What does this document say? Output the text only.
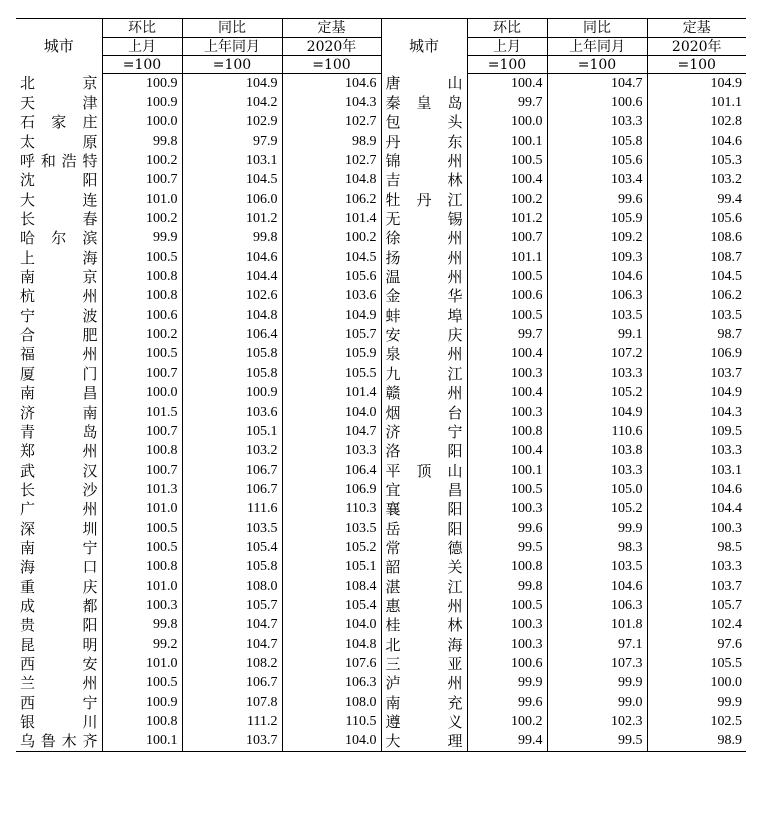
城市	环比	同比	定基	城市	环比	同比	定基
	上月	上年同月	2020年		上月	上年同月	2020年
	=100	=100	=100		=100	=100	=100

北 京	100.9	104.9	104.6	唐 山	100.4	104.7	104.9

天 津	100.9	104.2	104.3	秦 皇 岛	99.7	100.6	101.1

石 家 庄	100.0	102.9	102.7	包 头	100.0	103.3	102.8

太 原	99.8	97.9	98.9	丹 东	100.1	105.8	104.6

呼 和 浩 特	100.2	103.1	102.7	锦 州	100.5	105.6	105.3

沈 阳	100.7	104.5	104.8	吉 林	100.4	103.4	103.2

大 连	101.0	106.0	106.2	牡 丹 江	100.2	99.6	99.4

长 春	100.2	101.2	101.4	无 锡	101.2	105.9	105.6

哈 尔 滨	99.9	99.8	100.2	徐 州	100.7	109.2	108.6

上 海	100.5	104.6	104.5	扬 州	101.1	109.3	108.7

南 京	100.8	104.4	105.6	温 州	100.5	104.6	104.5

杭 州	100.8	102.6	103.6	金 华	100.6	106.3	106.2

宁 波	100.6	104.8	104.9	蚌 埠	100.5	103.5	103.5

合 肥	100.2	106.4	105.7	安 庆	99.7	99.1	98.7

福 州	100.5	105.8	105.9	泉 州	100.4	107.2	106.9

厦 门	100.7	105.8	105.5	九 江	100.3	103.3	103.7

南 昌	100.0	100.9	101.4	赣 州	100.4	105.2	104.9

济 南	101.5	103.6	104.0	烟 台	100.3	104.9	104.3

青 岛	100.7	105.1	104.7	济 宁	100.8	110.6	109.5

郑 州	100.8	103.2	103.3	洛 阳	100.4	103.8	103.3

武 汉	100.7	106.7	106.4	平 顶 山	100.1	103.3	103.1

长 沙	101.3	106.7	106.9	宜 昌	100.5	105.0	104.6

广 州	101.0	111.6	110.3	襄 阳	100.3	105.2	104.4

深 圳	100.5	103.5	103.5	岳 阳	99.6	99.9	100.3

南 宁	100.5	105.4	105.2	常 德	99.5	98.3	98.5

海 口	100.8	105.8	105.1	韶 关	100.8	103.5	103.3

重 庆	101.0	108.0	108.4	湛 江	99.8	104.6	103.7

成 都	100.3	105.7	105.4	惠 州	100.5	106.3	105.7

贵 阳	99.8	104.7	104.0	桂 林	100.3	101.8	102.4

昆 明	99.2	104.7	104.8	北 海	100.3	97.1	97.6

西 安	101.0	108.2	107.6	三 亚	100.6	107.3	105.5

兰 州	100.5	106.7	106.3	泸 州	99.9	99.9	100.0

西 宁	100.9	107.8	108.0	南 充	99.6	99.0	99.9

银 川	100.8	111.2	110.5	遵 义	100.2	102.3	102.5

乌 鲁 木 齐	100.1	103.7	104.0	大 理	99.4	99.5	98.9
